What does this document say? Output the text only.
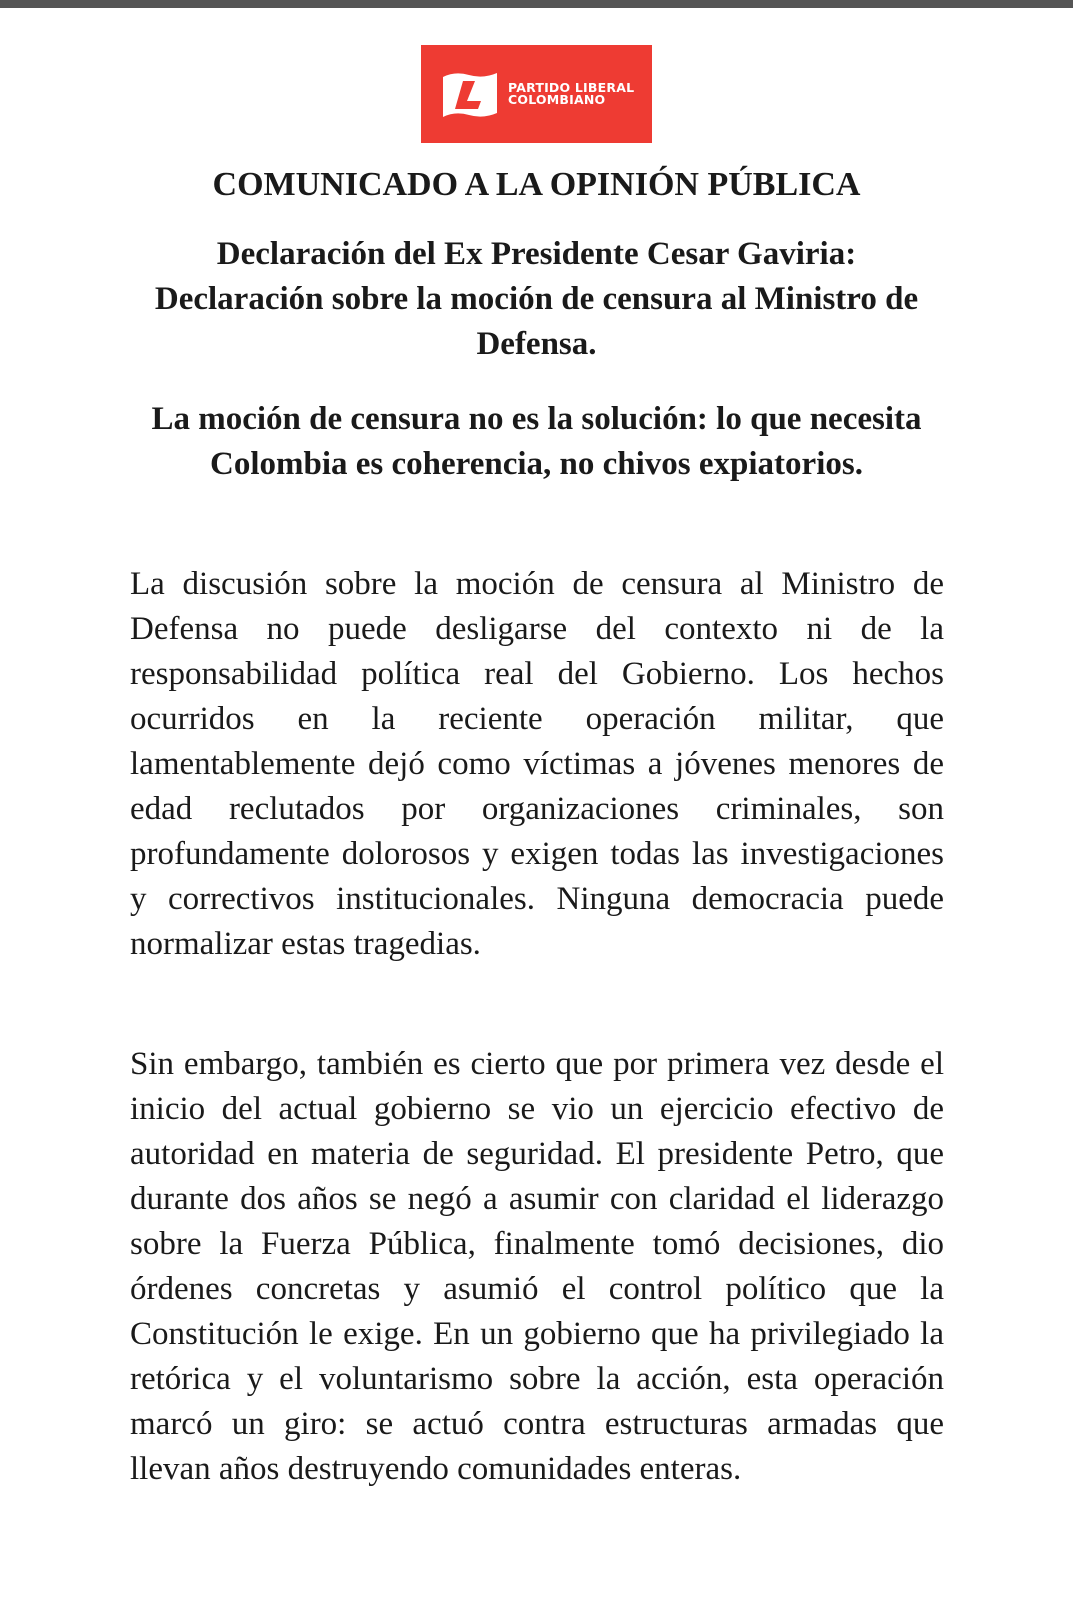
PARTIDO LIBERAL
COLOMBIANO
COMUNICADO A LA OPINIÓN PÚBLICA

Declaración del Ex Presidente Cesar Gaviria: Declaración sobre la moción de censura al Ministro de Defensa.

La moción de censura no es la solución: lo que necesita Colombia es coherencia, no chivos expiatorios.

La discusión sobre la moción de censura al Ministro de Defensa no puede desligarse del contexto ni de la responsabilidad política real del Gobierno. Los hechos ocurridos en la reciente operación militar, que lamentablemente dejó como víctimas a jóvenes menores de edad reclutados por organizaciones criminales, son profundamente dolorosos y exigen todas las investigaciones y correctivos institucionales. Ninguna democracia puede normalizar estas tragedias.

Sin embargo, también es cierto que por primera vez desde el inicio del actual gobierno se vio un ejercicio efectivo de autoridad en materia de seguridad. El presidente Petro, que durante dos años se negó a asumir con claridad el liderazgo sobre la Fuerza Pública, finalmente tomó decisiones, dio órdenes concretas y asumió el control político que la Constitución le exige. En un gobierno que ha privilegiado la retórica y el voluntarismo sobre la acción, esta operación marcó un giro: se actuó contra estructuras armadas que llevan años destruyendo comunidades enteras.
